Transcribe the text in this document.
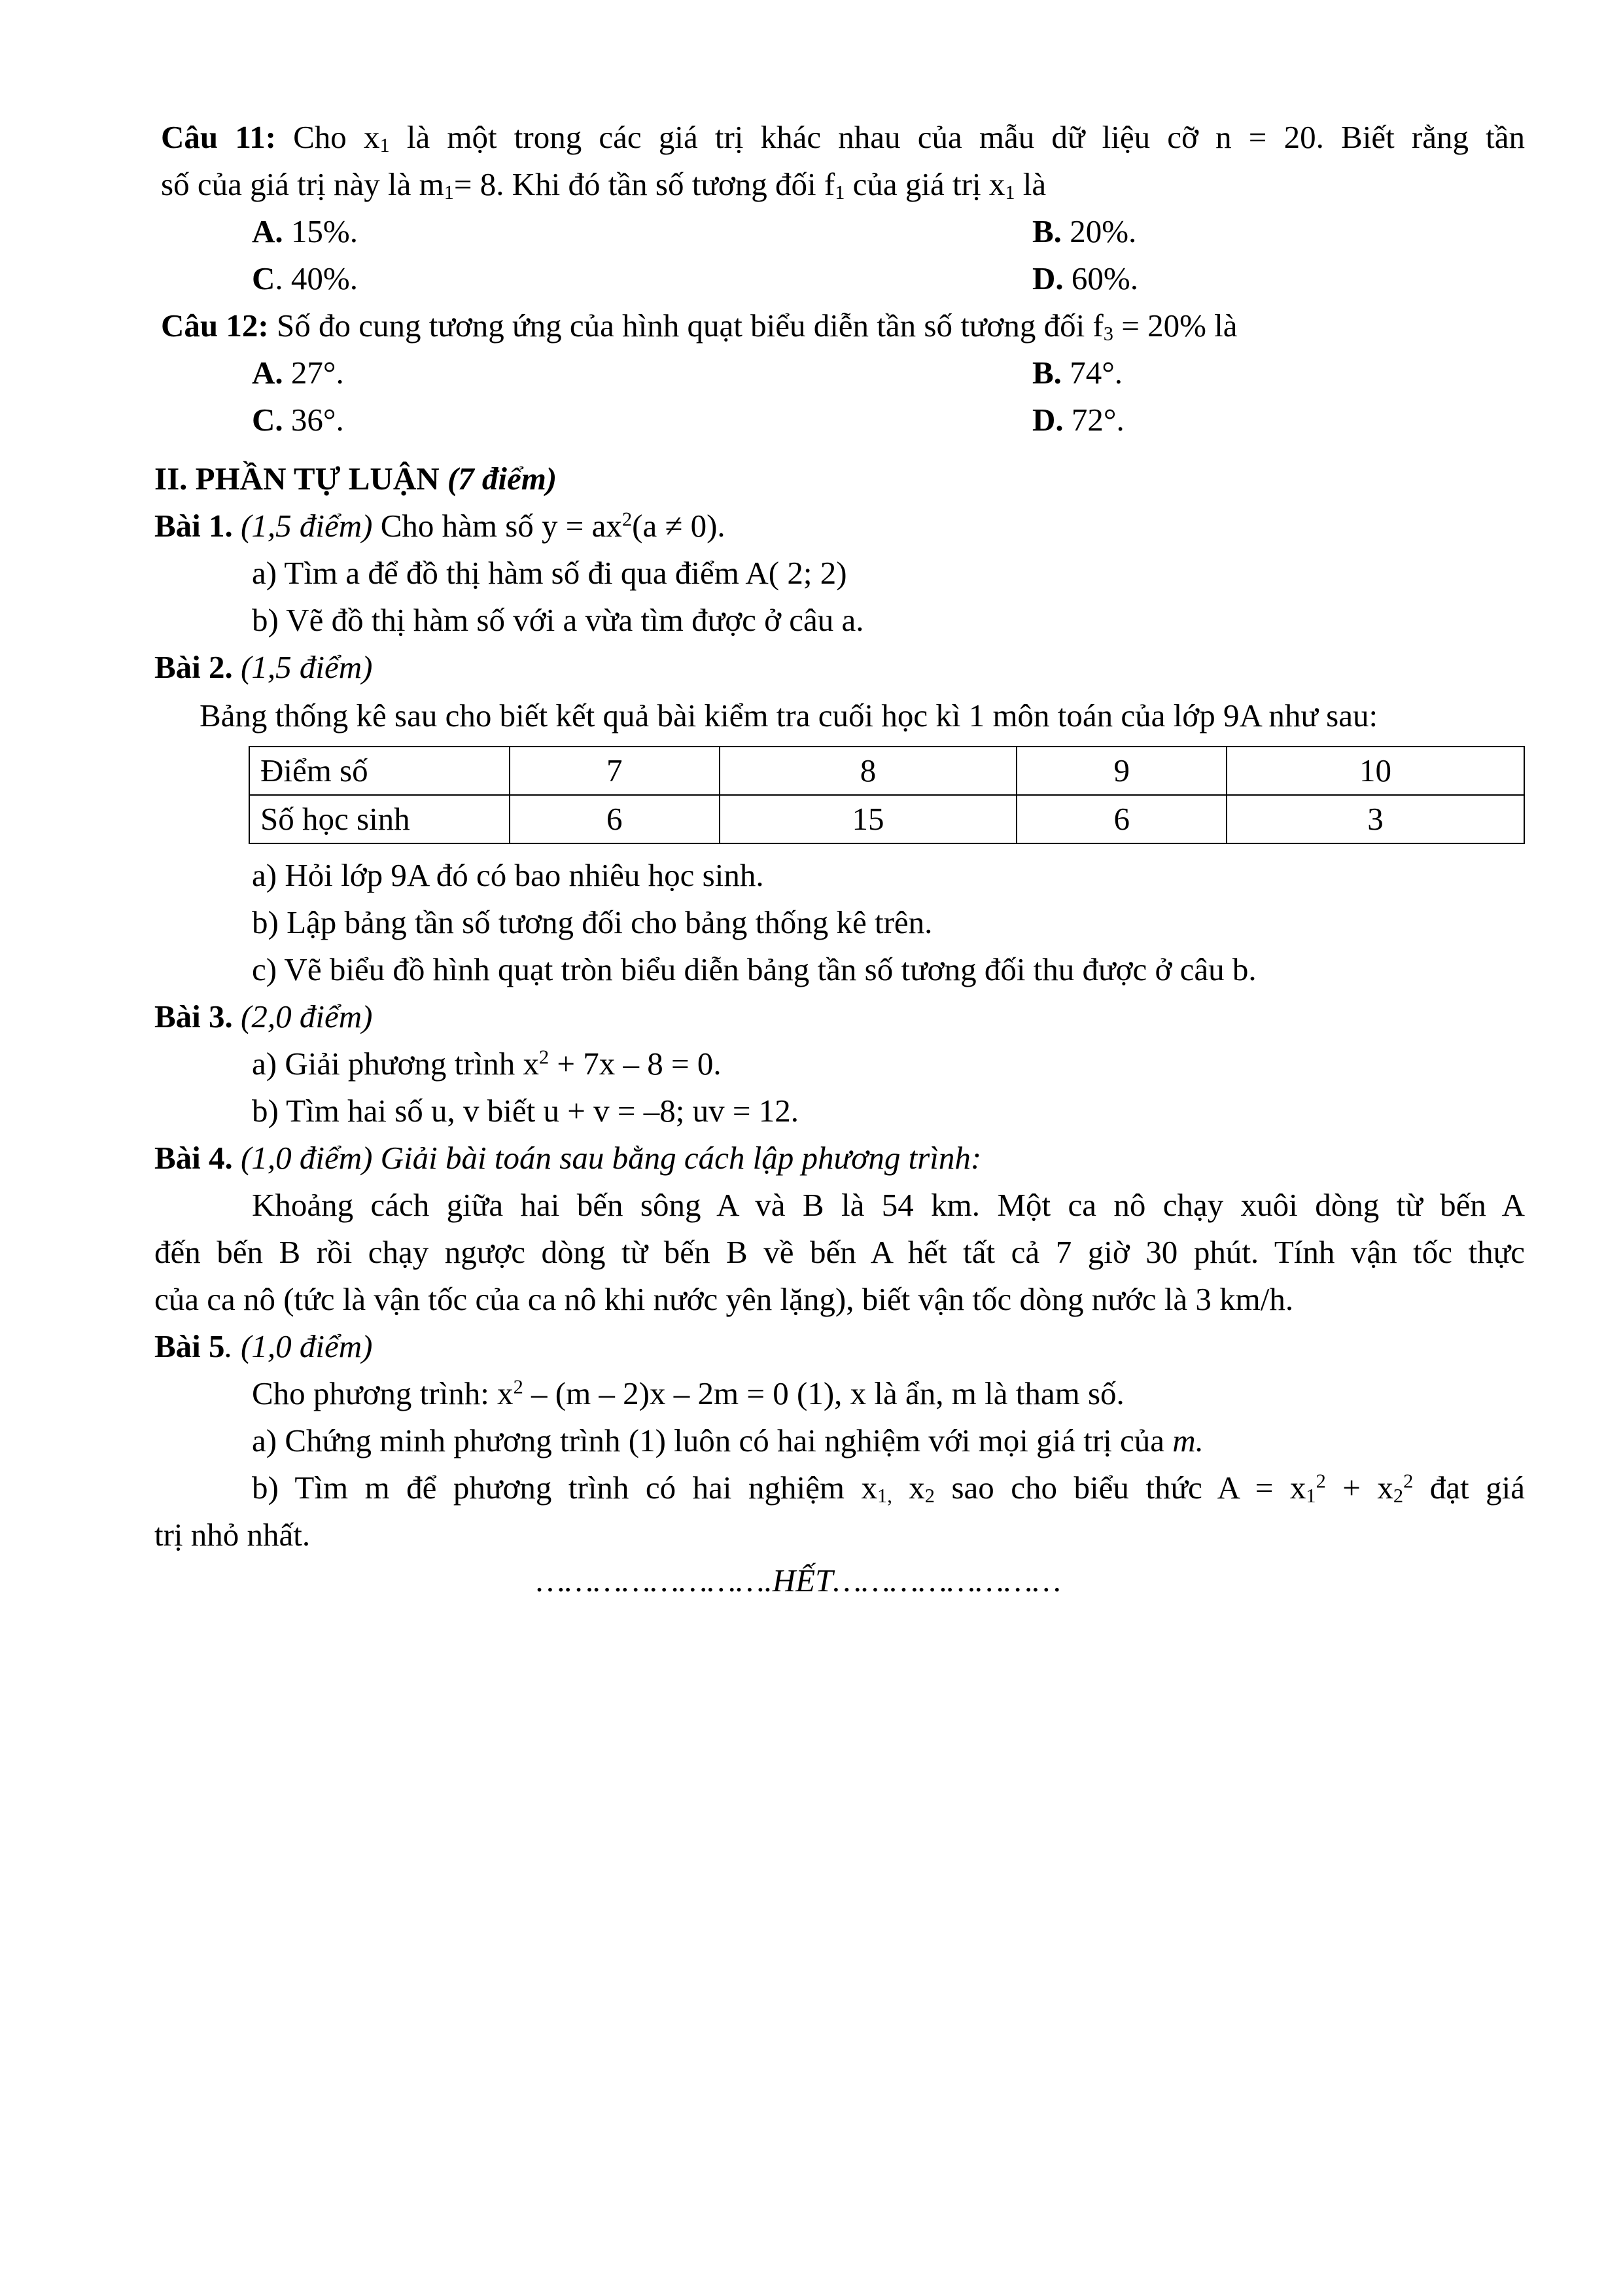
Câu 11: Cho $x_1$ là một trong các giá trị khác nhau của mẫu dữ liệu cỡ n = 20. Biết rằng tần
số của giá trị này là $m_1= 8$. Khi đó tần số tương đối $f_1$ của giá trị $x_1$ là
A. 15%.	B. 20%.
C. 40%.	D. 60%.
Câu 12: Số đo cung tương ứng của hình quạt biểu diễn tần số tương đối $f_3 = 20\%$ là
A. 27°.	B. 74°.
C. 36°.	D. 72°.
II. PHẦN TỰ LUẬN (7 điểm)
Bài 1. (1,5 điểm) Cho hàm số $y = ax^2(a \ne 0)$.
a) Tìm a để đồ thị hàm số đi qua điểm A( 2; 2)
b) Vẽ đồ thị hàm số với a vừa tìm được ở câu a.
Bài 2. (1,5 điểm)
Bảng thống kê sau cho biết kết quả bài kiểm tra cuối học kì 1 môn toán của lớp 9A như sau:
Điểm số	7	8	9	10
Số học sinh	6	15	6	3
a) Hỏi lớp 9A đó có bao nhiêu học sinh.
b) Lập bảng tần số tương đối cho bảng thống kê trên.
c) Vẽ biểu đồ hình quạt tròn biểu diễn bảng tần số tương đối thu được ở câu b.
Bài 3. (2,0 điểm)
a) Giải phương trình $x^2 + 7x - 8 = 0$.
b) Tìm hai số u, v biết u + v = –8; uv = 12.
Bài 4. (1,0 điểm) Giải bài toán sau bằng cách lập phương trình:
Khoảng cách giữa hai bến sông A và B là 54 km. Một ca nô chạy xuôi dòng từ bến A
đến bến B rồi chạy ngược dòng từ bến B về bến A hết tất cả 7 giờ 30 phút. Tính vận tốc thực
của ca nô (tức là vận tốc của ca nô khi nước yên lặng), biết vận tốc dòng nước là 3 km/h.
Bài 5. (1,0 điểm)
Cho phương trình: $x^2 - (m - 2)x - 2m = 0$ (1), x là ẩn, m là tham số.
a) Chứng minh phương trình (1) luôn có hai nghiệm với mọi giá trị của m.
b) Tìm m để phương trình có hai nghiệm $x_{1,}$ $x_2$ sao cho biểu thức $A = x_1^2 + x_2^2$ đạt giá
trị nhỏ nhất.
…………………….HẾT……………………
